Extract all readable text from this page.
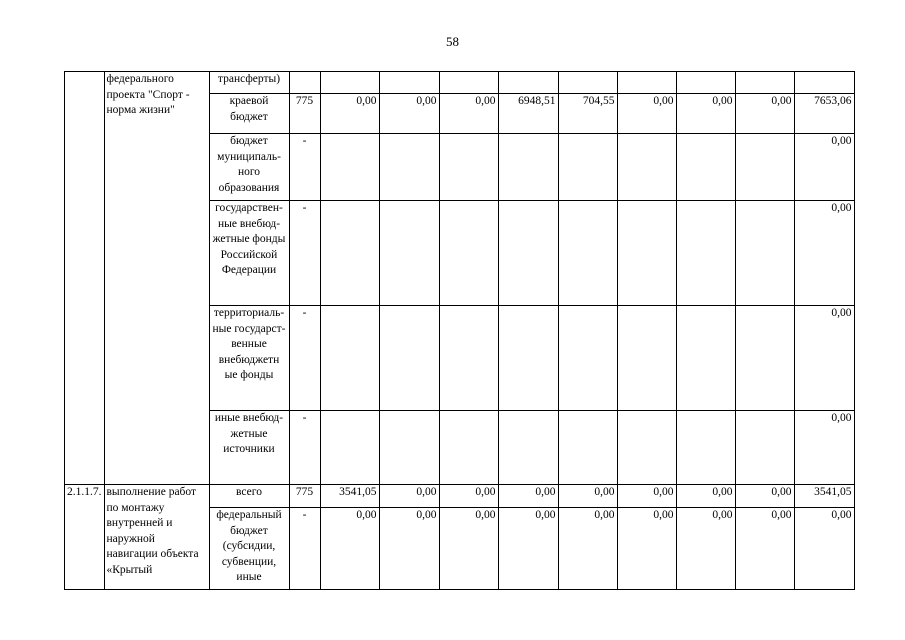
58
	федерального проекта "Спорт - норма жизни"	трансферты)										
		краевой бюджет	775	0,00	0,00	0,00	6948,51	704,55	0,00	0,00	0,00	7653,06
		бюджет муниципаль-ного образования	-									0,00
		государствен-ные внебюд-жетные фонды Российской Федерации	-									0,00
		территориаль-ные государст-венные внебюджетн ые фонды	-									0,00
		иные внебюд-жетные источники	-									0,00
2.1.1.7.	выполнение работ по монтажу внутренней и наружной навигации объекта «Крытый	всего	775	3541,05	0,00	0,00	0,00	0,00	0,00	0,00	0,00	3541,05
		федеральный бюджет (субсидии, субвенции, иные	-	0,00	0,00	0,00	0,00	0,00	0,00	0,00	0,00	0,00
